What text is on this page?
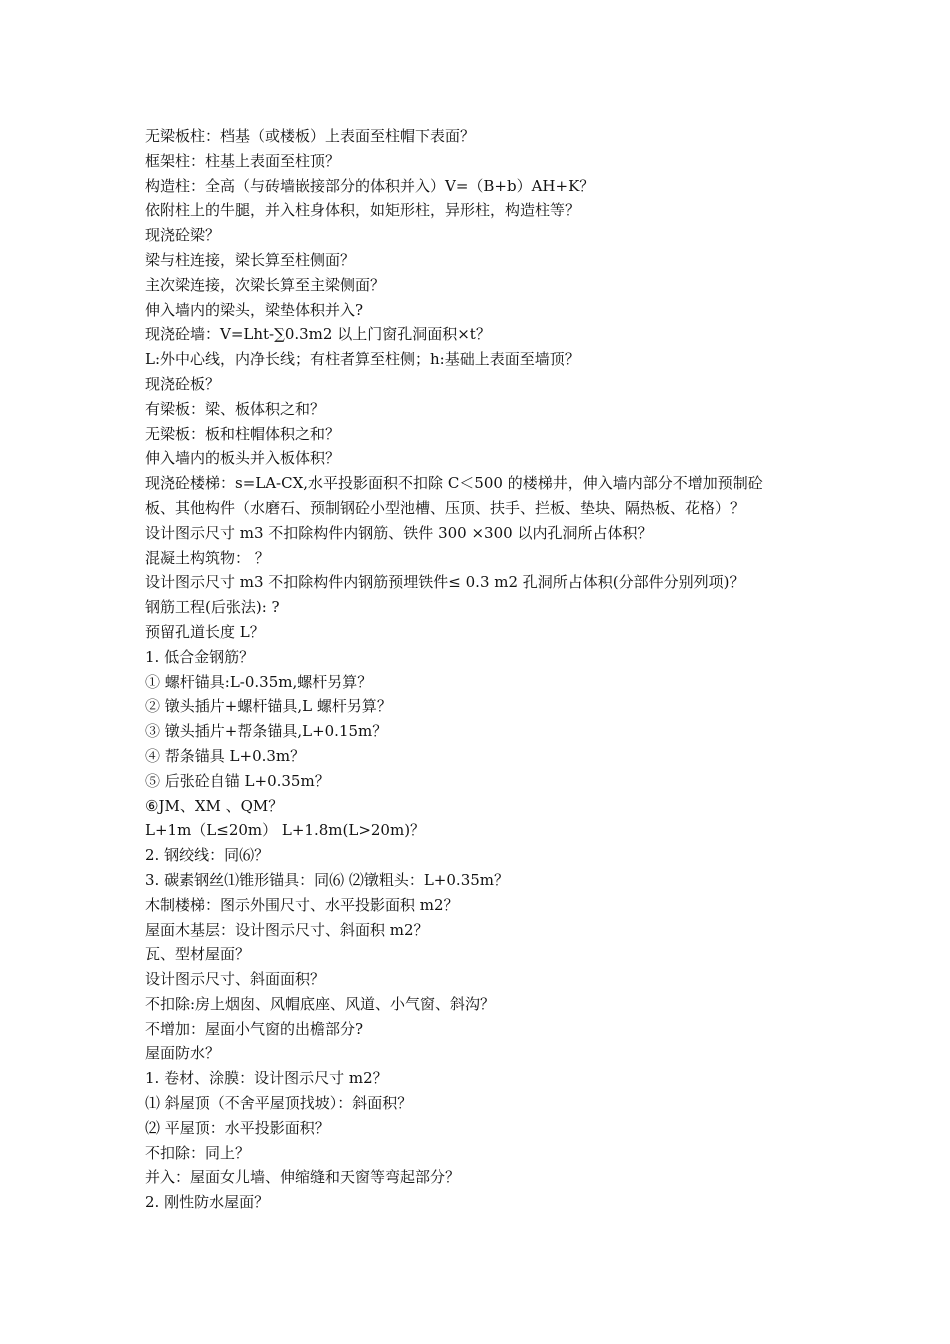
无梁板柱：档基（或楼板）上表面至柱帽下表面？

框架柱：柱基上表面至柱顶？

构造柱：全高（与砖墙嵌接部分的体积并入）V=（B+b）AH+K？

依附柱上的牛腿，并入柱身体积，如矩形柱，异形柱，构造柱等？

现浇砼梁？

梁与柱连接，梁长算至柱侧面？

主次梁连接，次梁长算至主梁侧面？

伸入墙内的梁头，梁垫体积并入?

现浇砼墙：V=Lht-∑0.3m2 以上门窗孔洞面积×t？

L:外中心线，内净长线；有柱者算至柱侧；h:基础上表面至墙顶？

现浇砼板？

有梁板：梁、板体积之和？

无梁板：板和柱帽体积之和？

伸入墙内的板头并入板体积？

现浇砼楼梯：s=LA-CX,水平投影面积不扣除 C＜500 的楼梯井，伸入墙内部分不增加预制砼

板、其他构件（水磨石、预制钢砼小型池槽、压顶、扶手、拦板、垫块、隔热板、花格）？

设计图示尺寸 m3 不扣除构件内钢筋、铁件 300 ×300 以内孔洞所占体积？

混凝土构筑物： ？

设计图示尺寸 m3 不扣除构件内钢筋预埋铁件≤ 0.3 m2 孔洞所占体积(分部件分别列项)？

钢筋工程(后张法): ?

预留孔道长度 L？

1. 低合金钢筋？

① 螺杆锚具:L-0.35m,螺杆另算？

② 镦头插片+螺杆锚具,L 螺杆另算？

③ 镦头插片+帮条锚具,L+0.15m？

④ 帮条锚具 L+0.3m？

⑤ 后张砼自锚 L+0.35m？

⑥JM、XM 、QM？

L+1m（L≤20m） L+1.8m(L>20m)？

2. 钢绞线：同⑹？

3. 碳素钢丝⑴锥形锚具：同⑹ ⑵镦粗头：L+0.35m？

木制楼梯：图示外围尺寸、水平投影面积 m2？

屋面木基层：设计图示尺寸、斜面积 m2？

瓦、型材屋面？

设计图示尺寸、斜面面积？

不扣除:房上烟囱、风帽底座、风道、小气窗、斜沟？

不增加：屋面小气窗的出檐部分?

屋面防水？

1. 卷材、涂膜：设计图示尺寸 m2？

⑴ 斜屋顶（不舍平屋顶找坡）：斜面积？

⑵ 平屋顶：水平投影面积？

不扣除：同上？

并入：屋面女儿墙、伸缩缝和天窗等弯起部分？

2. 刚性防水屋面？
